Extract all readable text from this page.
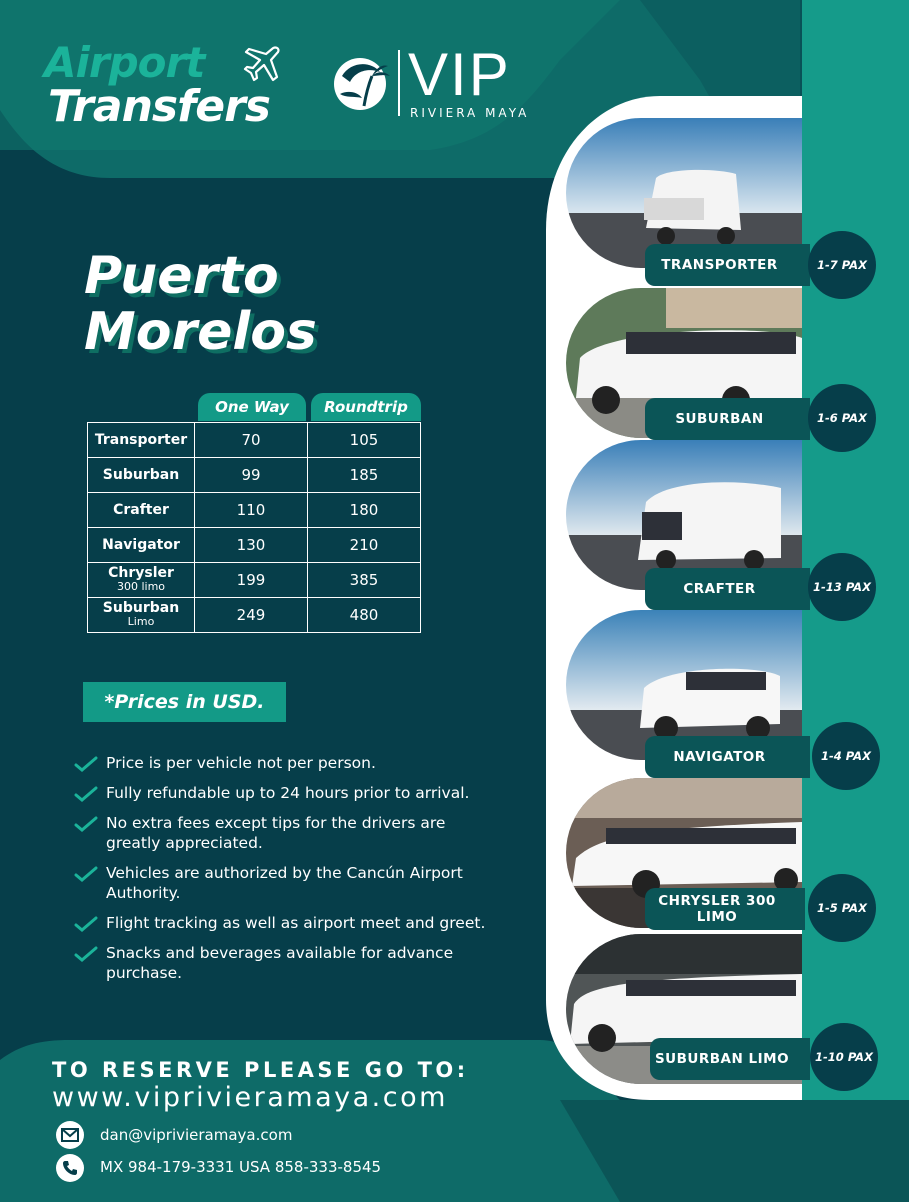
Airport
Transfers VIP
RIVIERA MAYA
Puerto Morelos
One Way	Roundtrip
Transporter	70	105
Suburban	99	185
Crafter	110	180
Navigator	130	210
Chrysler
300 limo	199	385
Suburban
Limo	249	480
*Prices in USD.
Price is per vehicle not per person.
Fully refundable up to 24 hours prior to arrival.
No extra fees except tips for the drivers are greatly appreciated.
Vehicles are authorized by the Cancún Airport Authority.
Flight tracking as well as airport meet and greet.
Snacks and beverages available for advance purchase.

TO RESERVE PLEASE GO TO:

www.viprivieramaya.com

dan@viprivieramaya.com
MX 984-179-3331 USA 858-333-8545
TRANSPORTER	1-7 PAX
SUBURBAN	1-6 PAX
CRAFTER	1-13 PAX
NAVIGATOR	1-4 PAX
CHRYSLER 300 LIMO
1-5 PAX
SUBURBAN LIMO	1-10 PAX
